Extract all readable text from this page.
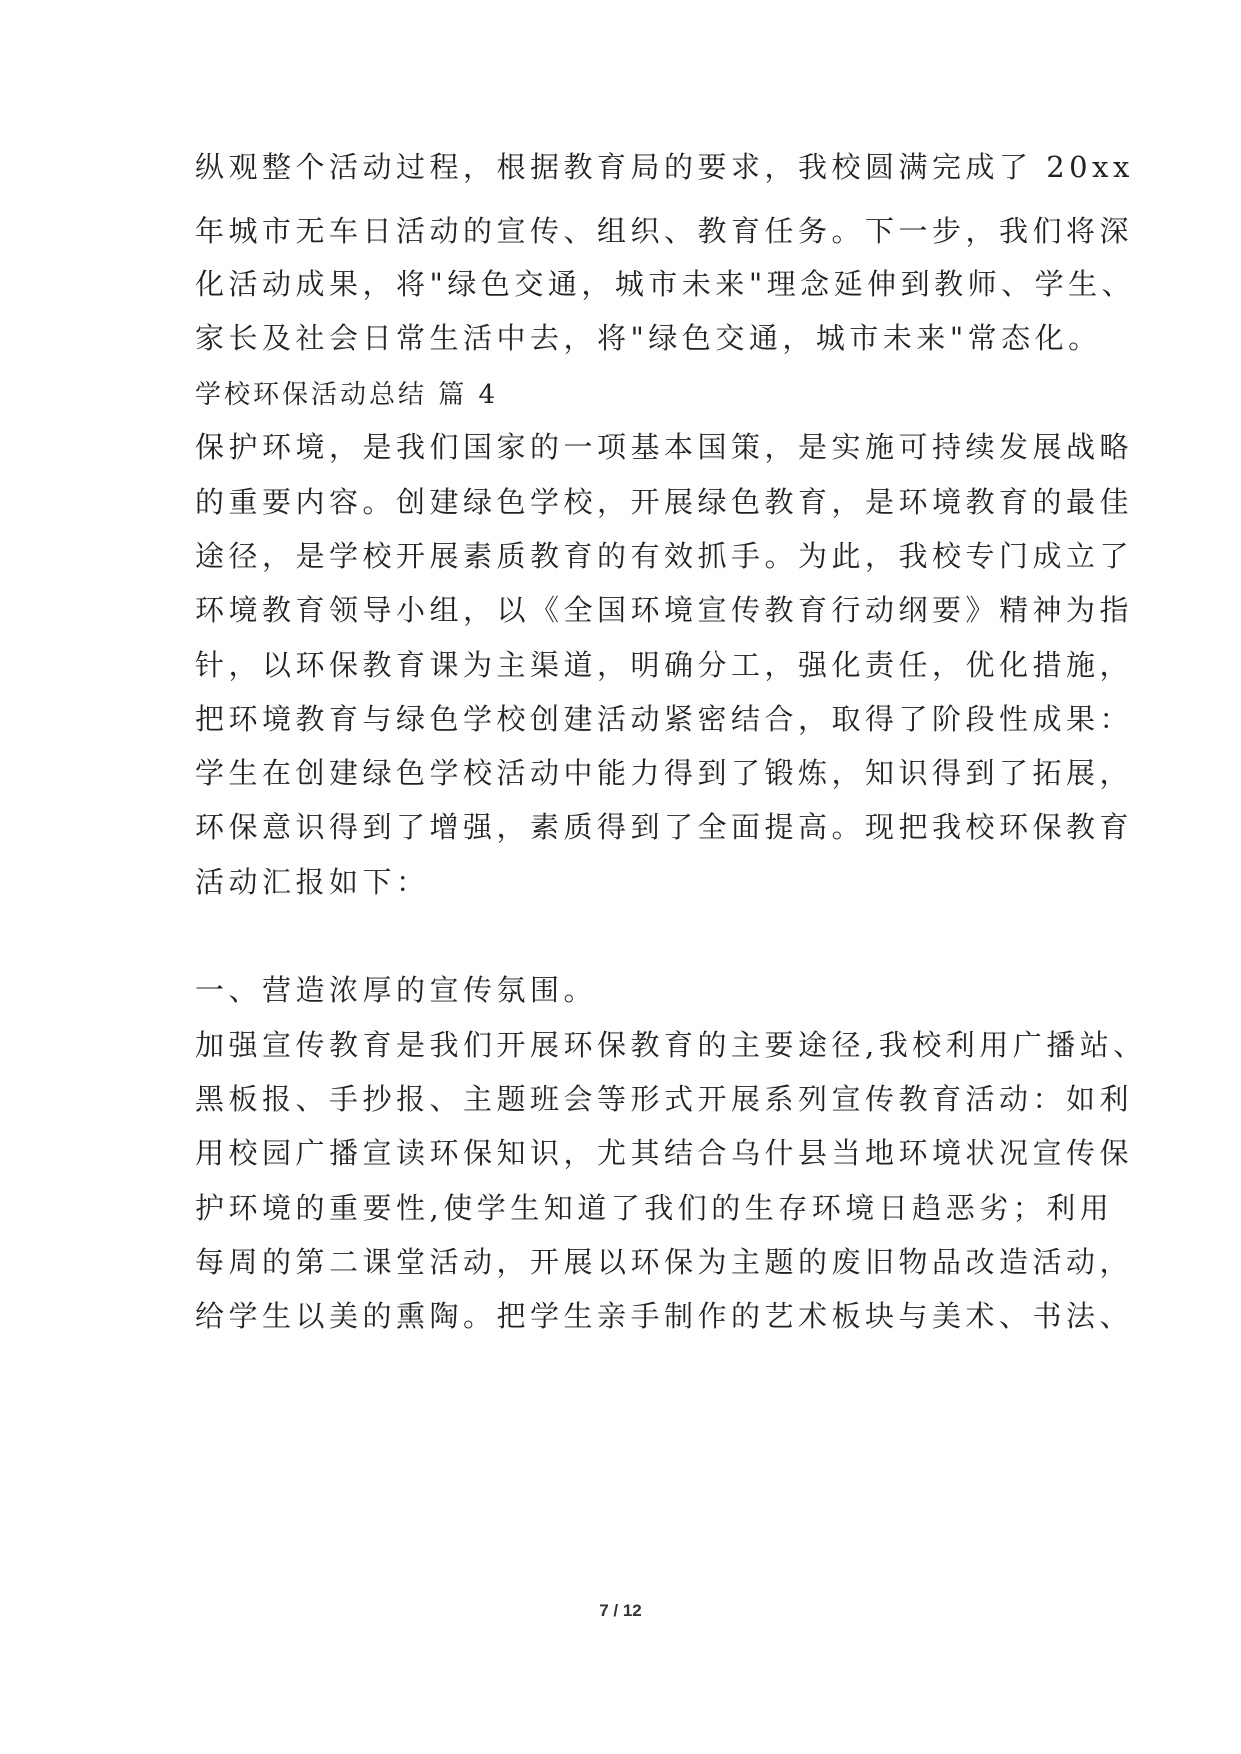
纵观整个活动过程，根据教育局的要求，我校圆满完成了 20xx
年城市无车日活动的宣传、组织、教育任务。下一步，我们将深
化活动成果，将"绿色交通，城市未来"理念延伸到教师、学生、
家长及社会日常生活中去，将"绿色交通，城市未来"常态化。
学校环保活动总结 篇 4
保护环境，是我们国家的一项基本国策，是实施可持续发展战略
的重要内容。创建绿色学校，开展绿色教育，是环境教育的最佳
途径，是学校开展素质教育的有效抓手。为此，我校专门成立了
环境教育领导小组，以《全国环境宣传教育行动纲要》精神为指
针，以环保教育课为主渠道，明确分工，强化责任，优化措施，
把环境教育与绿色学校创建活动紧密结合，取得了阶段性成果：
学生在创建绿色学校活动中能力得到了锻炼，知识得到了拓展，
环保意识得到了增强，素质得到了全面提高。现把我校环保教育
活动汇报如下：
一、营造浓厚的宣传氛围。
加强宣传教育是我们开展环保教育的主要途径,我校利用广播站、
黑板报、手抄报、主题班会等形式开展系列宣传教育活动：如利
用校园广播宣读环保知识，尤其结合乌什县当地环境状况宣传保
护环境的重要性,使学生知道了我们的生存环境日趋恶劣；利用
每周的第二课堂活动，开展以环保为主题的废旧物品改造活动，
给学生以美的熏陶。把学生亲手制作的艺术板块与美术、书法、
7 / 12
